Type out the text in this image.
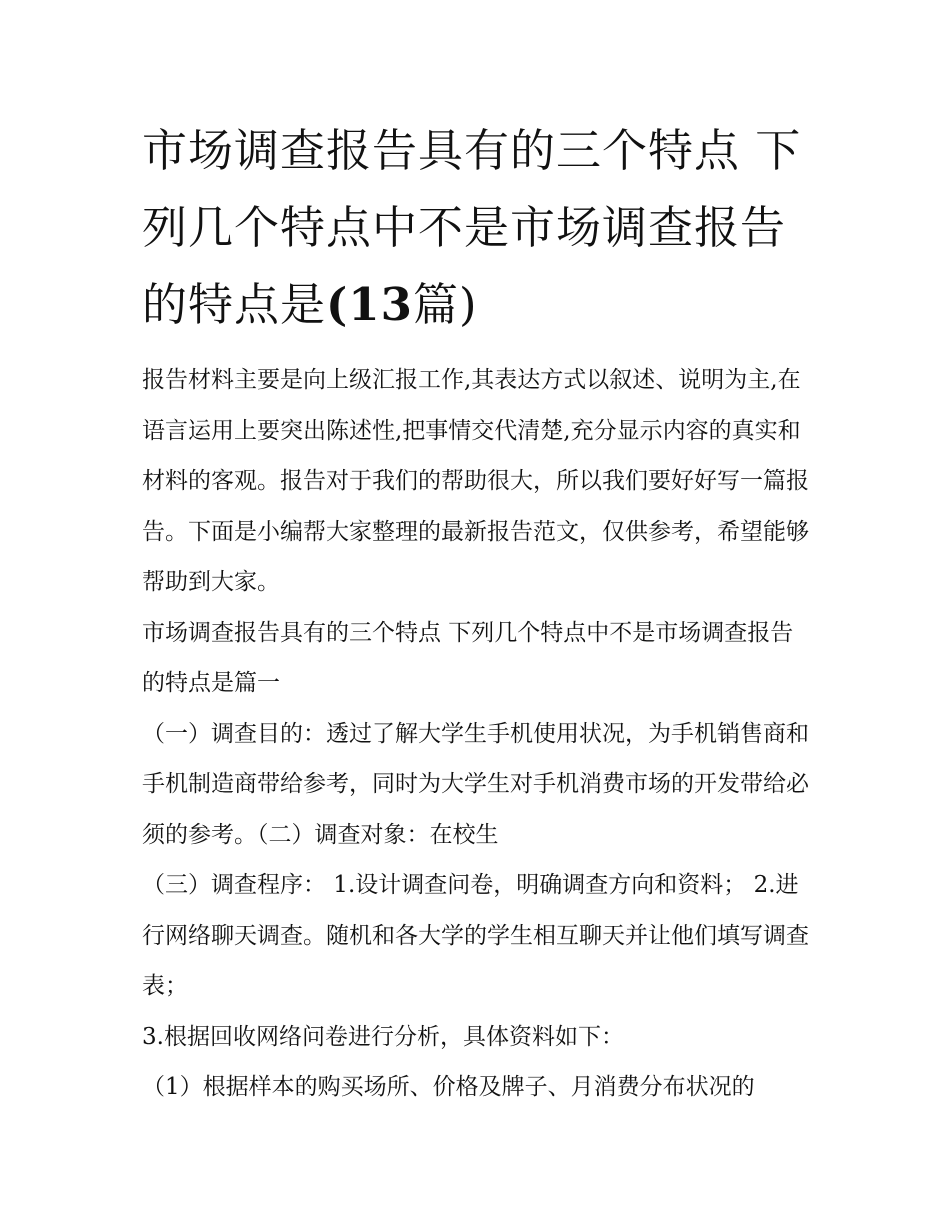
市场调查报告具有的三个特点 下列几个特点中不是市场调查报告的特点是(13篇)

报告材料主要是向上级汇报工作,其表达方式以叙述、说明为主,在语言运用上要突出陈述性,把事情交代清楚,充分显示内容的真实和材料的客观。报告对于我们的帮助很大，所以我们要好好写一篇报告。下面是小编帮大家整理的最新报告范文，仅供参考，希望能够帮助到大家。

市场调查报告具有的三个特点 下列几个特点中不是市场调查报告的特点是篇一

（一）调查目的：透过了解大学生手机使用状况，为手机销售商和手机制造商带给参考，同时为大学生对手机消费市场的开发带给必须的参考。（二）调查对象：在校生

（三）调查程序： 1.设计调查问卷，明确调查方向和资料； 2.进行网络聊天调查。随机和各大学的学生相互聊天并让他们填写调查表；

3.根据回收网络问卷进行分析，具体资料如下：

（1）根据样本的购买场所、价格及牌子、月消费分布状况的
